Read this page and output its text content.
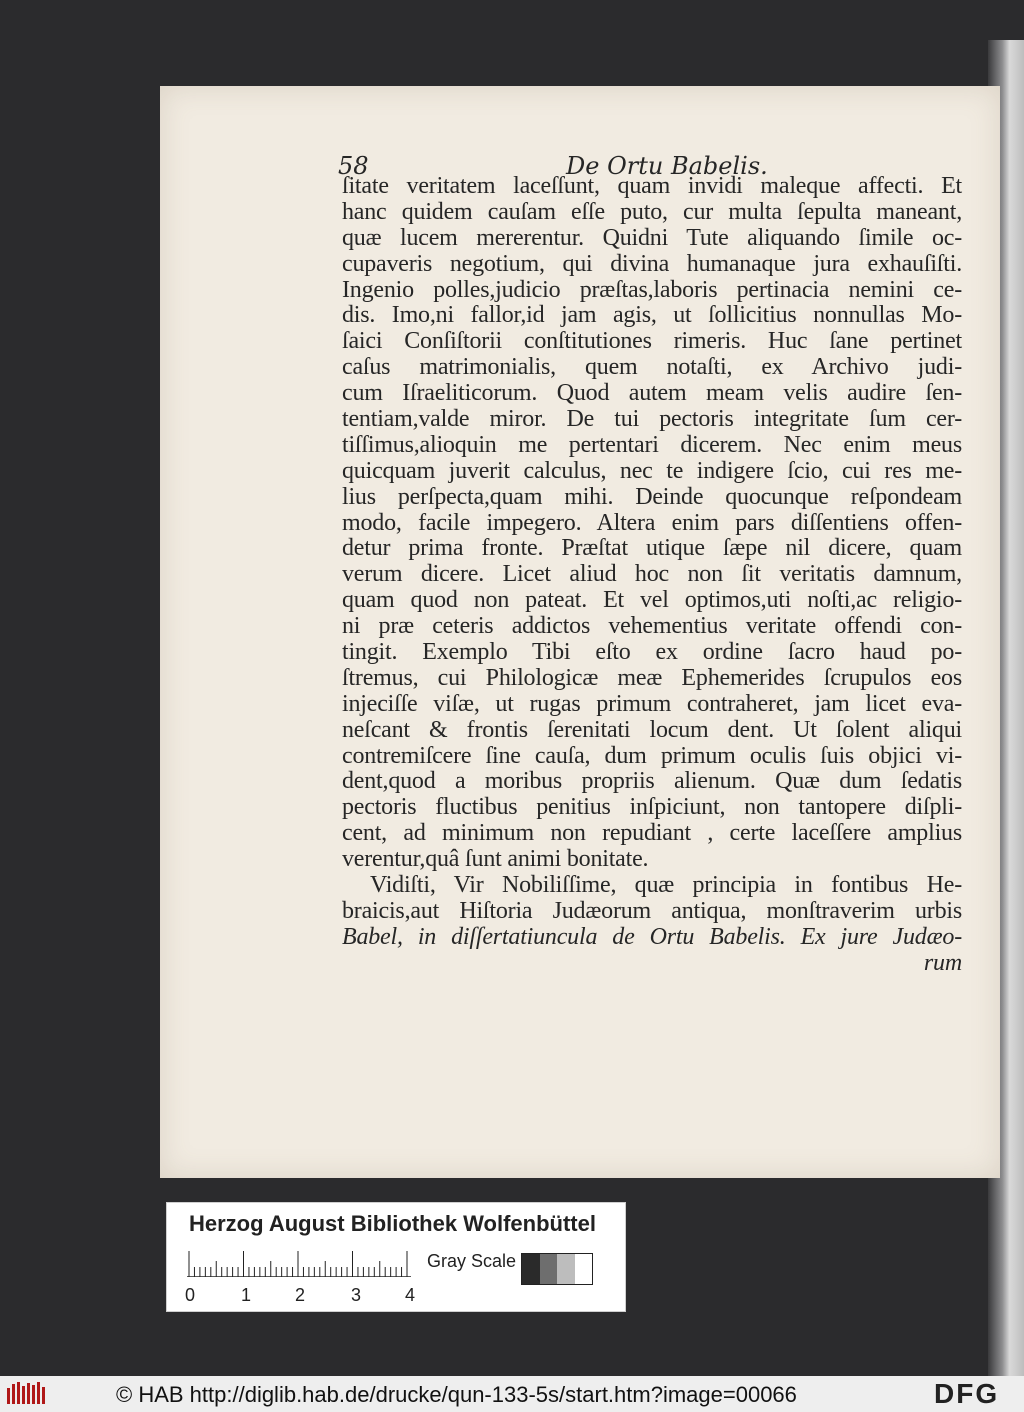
58	De Ortu Babelis.
ſitate veritatem laceſſunt, quam invidi maleque affecti. Et
hanc quidem cauſam eſſe puto, cur multa ſepulta maneant,
quæ lucem mererentur. Quidni Tute aliquando ſimile oc-
cupaveris negotium, qui divina humanaque jura exhauſiſti.
Ingenio polles,judicio præſtas,laboris pertinacia nemini ce-
dis. Imo,ni fallor,id jam agis, ut ſollicitius nonnullas Mo-
ſaici Conſiſtorii conſtitutiones rimeris. Huc ſane pertinet
caſus matrimonialis, quem notaſti, ex Archivo judi-
cum Iſraeliticorum. Quod autem meam velis audire ſen-
tentiam,valde miror. De tui pectoris integritate ſum cer-
tiſſimus,alioquin me pertentari dicerem. Nec enim meus
quicquam juverit calculus, nec te indigere ſcio, cui res me-
lius perſpecta,quam mihi. Deinde quocunque reſpondeam
modo, facile impegero. Altera enim pars diſſentiens offen-
detur prima fronte. Præſtat utique ſæpe nil dicere, quam
verum dicere. Licet aliud hoc non ſit veritatis damnum,
quam quod non pateat. Et vel optimos,uti noſti,ac religio-
ni præ ceteris addictos vehementius veritate offendi con-
tingit. Exemplo Tibi eſto ex ordine ſacro haud po-
ſtremus, cui Philologicæ meæ Ephemerides ſcrupulos eos
injeciſſe viſæ, ut rugas primum contraheret, jam licet eva-
neſcant & frontis ſerenitati locum dent. Ut ſolent aliqui
contremiſcere ſine cauſa, dum primum oculis ſuis objici vi-
dent,quod a moribus propriis alienum. Quæ dum ſedatis
pectoris fluctibus penitius inſpiciunt, non tantopere diſpli-
cent, ad minimum non repudiant , certe laceſſere amplius
verentur,quâ ſunt animi bonitate.
Vidiſti, Vir Nobiliſſime, quæ principia in fontibus He-
braicis,aut Hiſtoria Judæorum antiqua, monſtraverim urbis
Babel, in diſſertatiuncula de Ortu Babelis. Ex jure Judæo-
rum
Herzog August Bibliothek Wolfenbüttel
0	1 2	3 4
Gray Scale
© HAB http://diglib.hab.de/drucke/qun-133-5s/start.htm?image=00066	DFG
